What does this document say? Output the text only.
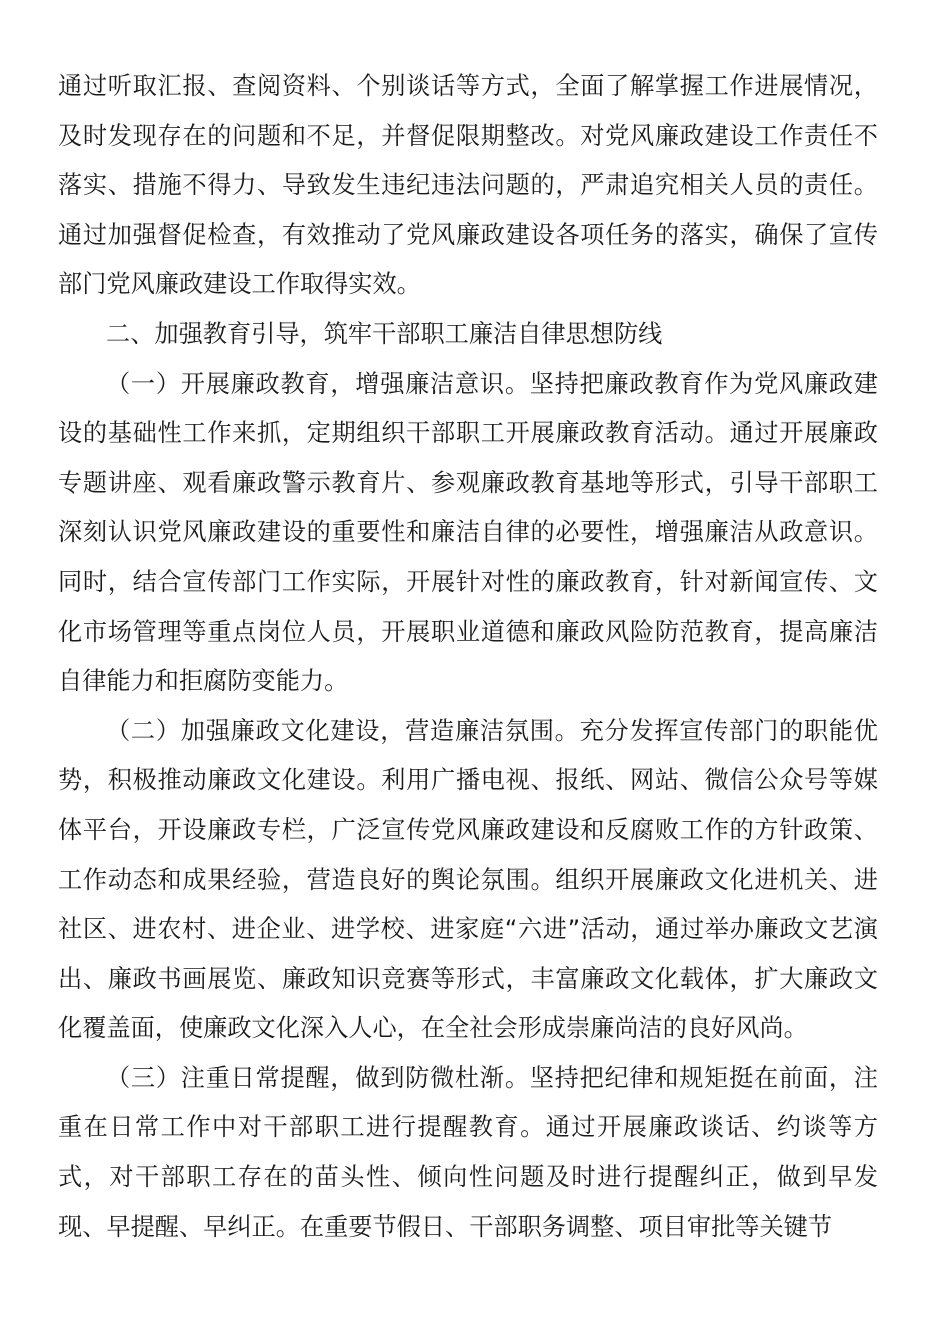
通过听取汇报、查阅资料、个别谈话等方式，全面了解掌握工作进展情况，及时发现存在的问题和不足，并督促限期整改。对党风廉政建设工作责任不落实、措施不得力、导致发生违纪违法问题的，严肃追究相关人员的责任。通过加强督促检查，有效推动了党风廉政建设各项任务的落实，确保了宣传部门党风廉政建设工作取得实效。

二、加强教育引导，筑牢干部职工廉洁自律思想防线

（一）开展廉政教育，增强廉洁意识。坚持把廉政教育作为党风廉政建设的基础性工作来抓，定期组织干部职工开展廉政教育活动。通过开展廉政专题讲座、观看廉政警示教育片、参观廉政教育基地等形式，引导干部职工深刻认识党风廉政建设的重要性和廉洁自律的必要性，增强廉洁从政意识。同时，结合宣传部门工作实际，开展针对性的廉政教育，针对新闻宣传、文化市场管理等重点岗位人员，开展职业道德和廉政风险防范教育，提高廉洁自律能力和拒腐防变能力。

（二）加强廉政文化建设，营造廉洁氛围。充分发挥宣传部门的职能优势，积极推动廉政文化建设。利用广播电视、报纸、网站、微信公众号等媒体平台，开设廉政专栏，广泛宣传党风廉政建设和反腐败工作的方针政策、工作动态和成果经验，营造良好的舆论氛围。组织开展廉政文化进机关、进社区、进农村、进企业、进学校、进家庭“六进”活动，通过举办廉政文艺演出、廉政书画展览、廉政知识竞赛等形式，丰富廉政文化载体，扩大廉政文化覆盖面，使廉政文化深入人心，在全社会形成崇廉尚洁的良好风尚。

（三）注重日常提醒，做到防微杜渐。坚持把纪律和规矩挺在前面，注重在日常工作中对干部职工进行提醒教育。通过开展廉政谈话、约谈等方式，对干部职工存在的苗头性、倾向性问题及时进行提醒纠正，做到早发现、早提醒、早纠正。在重要节假日、干部职务调整、项目审批等关键节
